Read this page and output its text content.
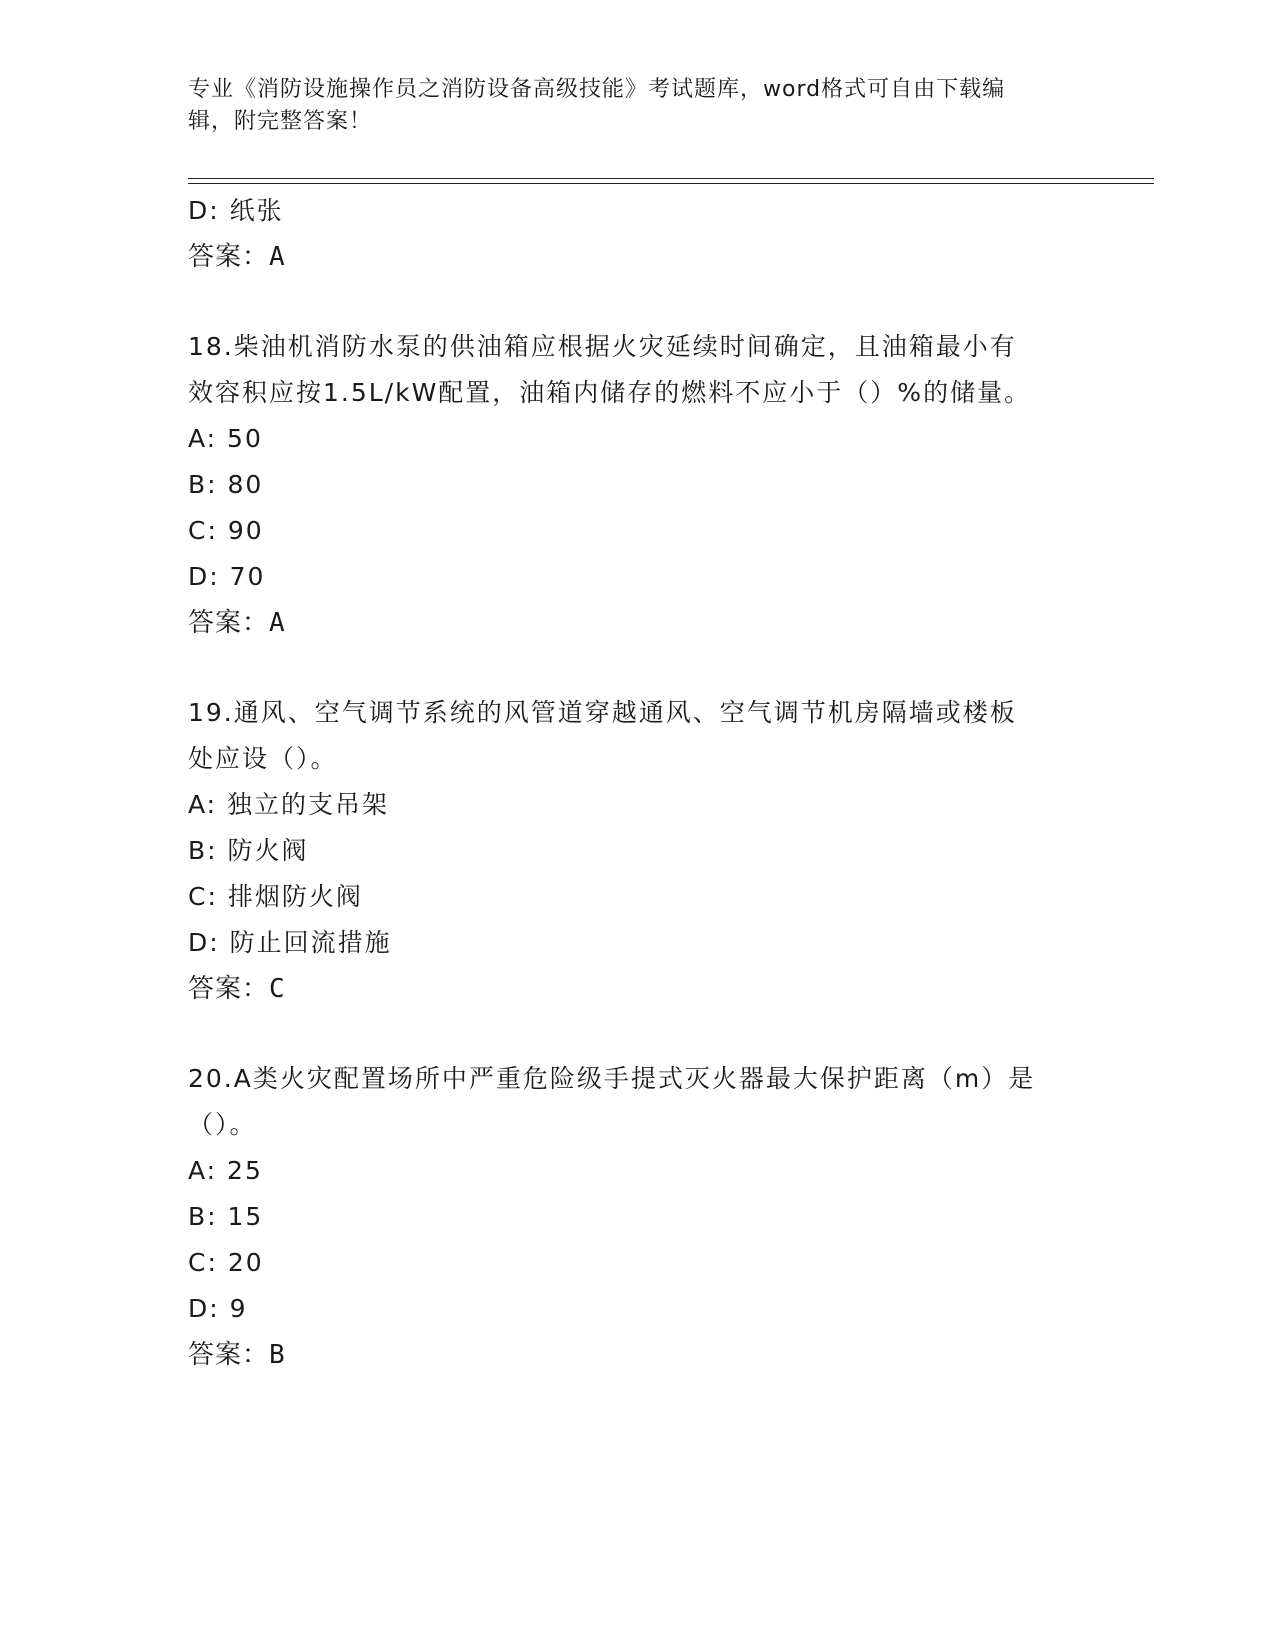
专业《消防设施操作员之消防设备高级技能》考试题库，word格式可自由下载编
辑，附完整答案！
D: 纸张
答案：A
18.柴油机消防水泵的供油箱应根据火灾延续时间确定，且油箱最小有
效容积应按1.5L/kW配置，油箱内储存的燃料不应小于（）%的储量。
A: 50
B: 80
C: 90
D: 70
答案：A
19.通风、空气调节系统的风管道穿越通风、空气调节机房隔墙或楼板
处应设（）。
A: 独立的支吊架
B: 防火阀
C: 排烟防火阀
D: 防止回流措施
答案：C
20.A类火灾配置场所中严重危险级手提式灭火器最大保护距离（m）是
（）。
A: 25
B: 15
C: 20
D: 9
答案：B
